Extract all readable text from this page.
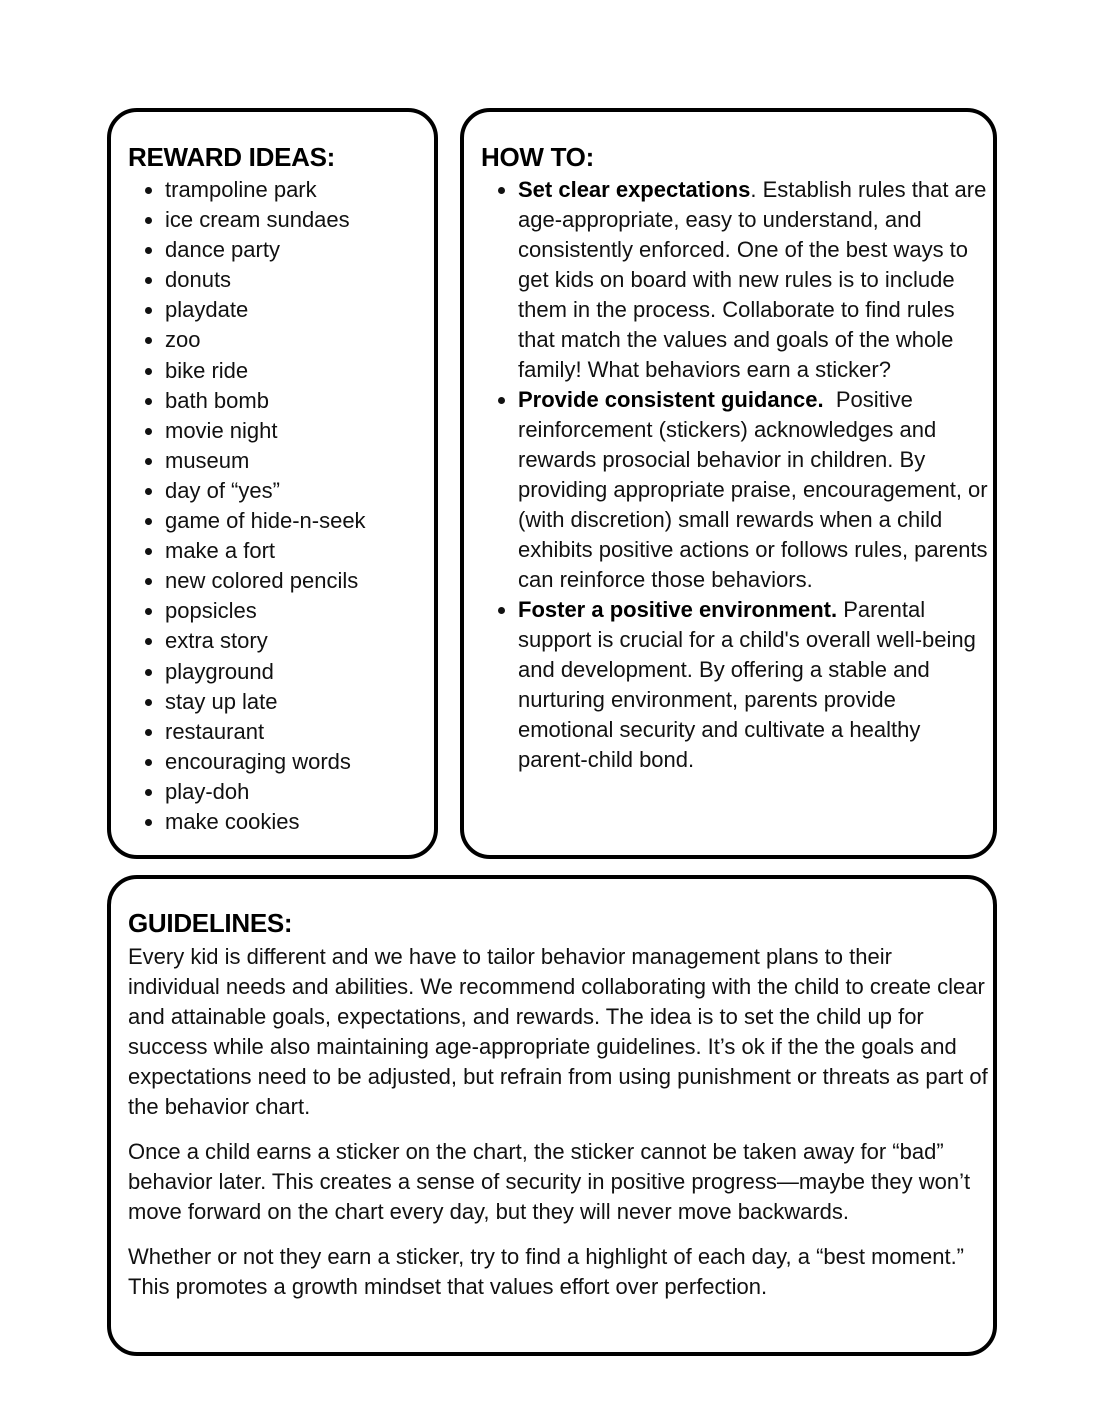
REWARD IDEAS:
• trampoline park
• ice cream sundaes
• dance party
• donuts
• playdate
• zoo
• bike ride
• bath bomb
• movie night
• museum
• day of “yes”
• game of hide-n-seek
• make a fort
• new colored pencils
• popsicles
• extra story
• playground
• stay up late
• restaurant
• encouraging words
• play-doh
• make cookies
HOW TO:
• Set clear expectations. Establish rules that are age-appropriate, easy to understand, and consistently enforced. One of the best ways to get kids on board with new rules is to include them in the process. Collaborate to find rules that match the values and goals of the whole family! What behaviors earn a sticker?
• Provide consistent guidance.  Positive reinforcement (stickers) acknowledges and rewards prosocial behavior in children. By providing appropriate praise, encouragement, or (with discretion) small rewards when a child exhibits positive actions or follows rules, parents can reinforce those behaviors.
• Foster a positive environment. Parental support is crucial for a child's overall well-being and development. By offering a stable and nurturing environment, parents provide emotional security and cultivate a healthy parent-child bond.
GUIDELINES:

Every kid is different and we have to tailor behavior management plans to their individual needs and abilities. We recommend collaborating with the child to create clear and attainable goals, expectations, and rewards. The idea is to set the child up for success while also maintaining age-appropriate guidelines. It’s ok if the the goals and expectations need to be adjusted, but refrain from using punishment or threats as part of the behavior chart.

Once a child earns a sticker on the chart, the sticker cannot be taken away for “bad” behavior later. This creates a sense of security in positive progress—maybe they won’t move forward on the chart every day, but they will never move backwards.

Whether or not they earn a sticker, try to find a highlight of each day, a “best moment.” This promotes a growth mindset that values effort over perfection.
